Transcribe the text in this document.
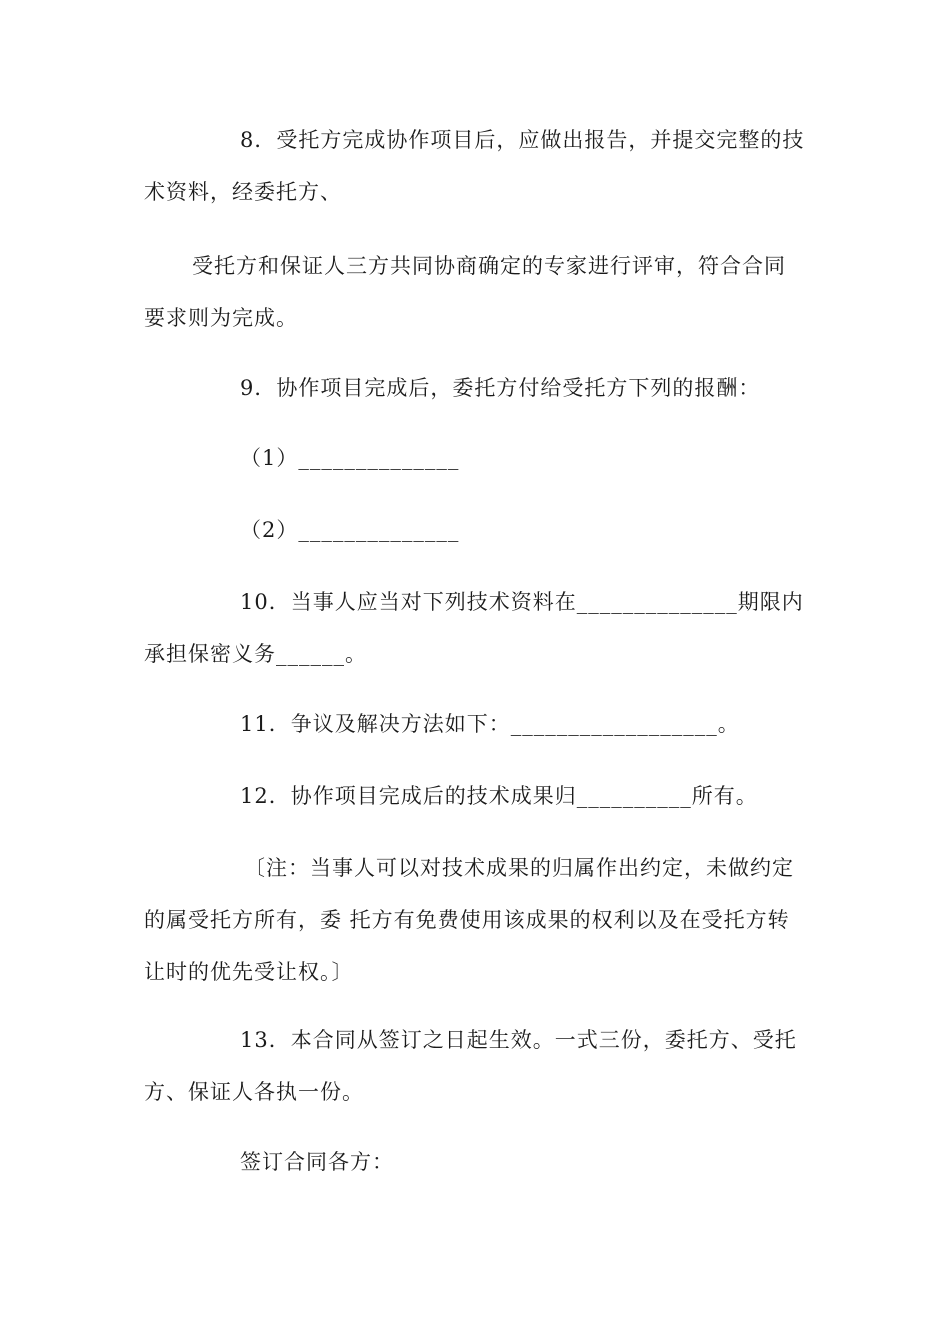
8．受托方完成协作项目后，应做出报告，并提交完整的技
术资料，经委托方、

受托方和保证人三方共同协商确定的专家进行评审，符合合同
要求则为完成。

9．协作项目完成后，委托方付给受托方下列的报酬：

（1）______________

（2）______________

10．当事人应当对下列技术资料在______________期限内
承担保密义务______。

11．争议及解决方法如下：__________________。

12．协作项目完成后的技术成果归__________所有。

〔注：当事人可以对技术成果的归属作出约定，未做约定
的属受托方所有，委 托方有免费使用该成果的权利以及在受托方转
让时的优先受让权。〕

13．本合同从签订之日起生效。一式三份，委托方、受托
方、保证人各执一份。

签订合同各方：
